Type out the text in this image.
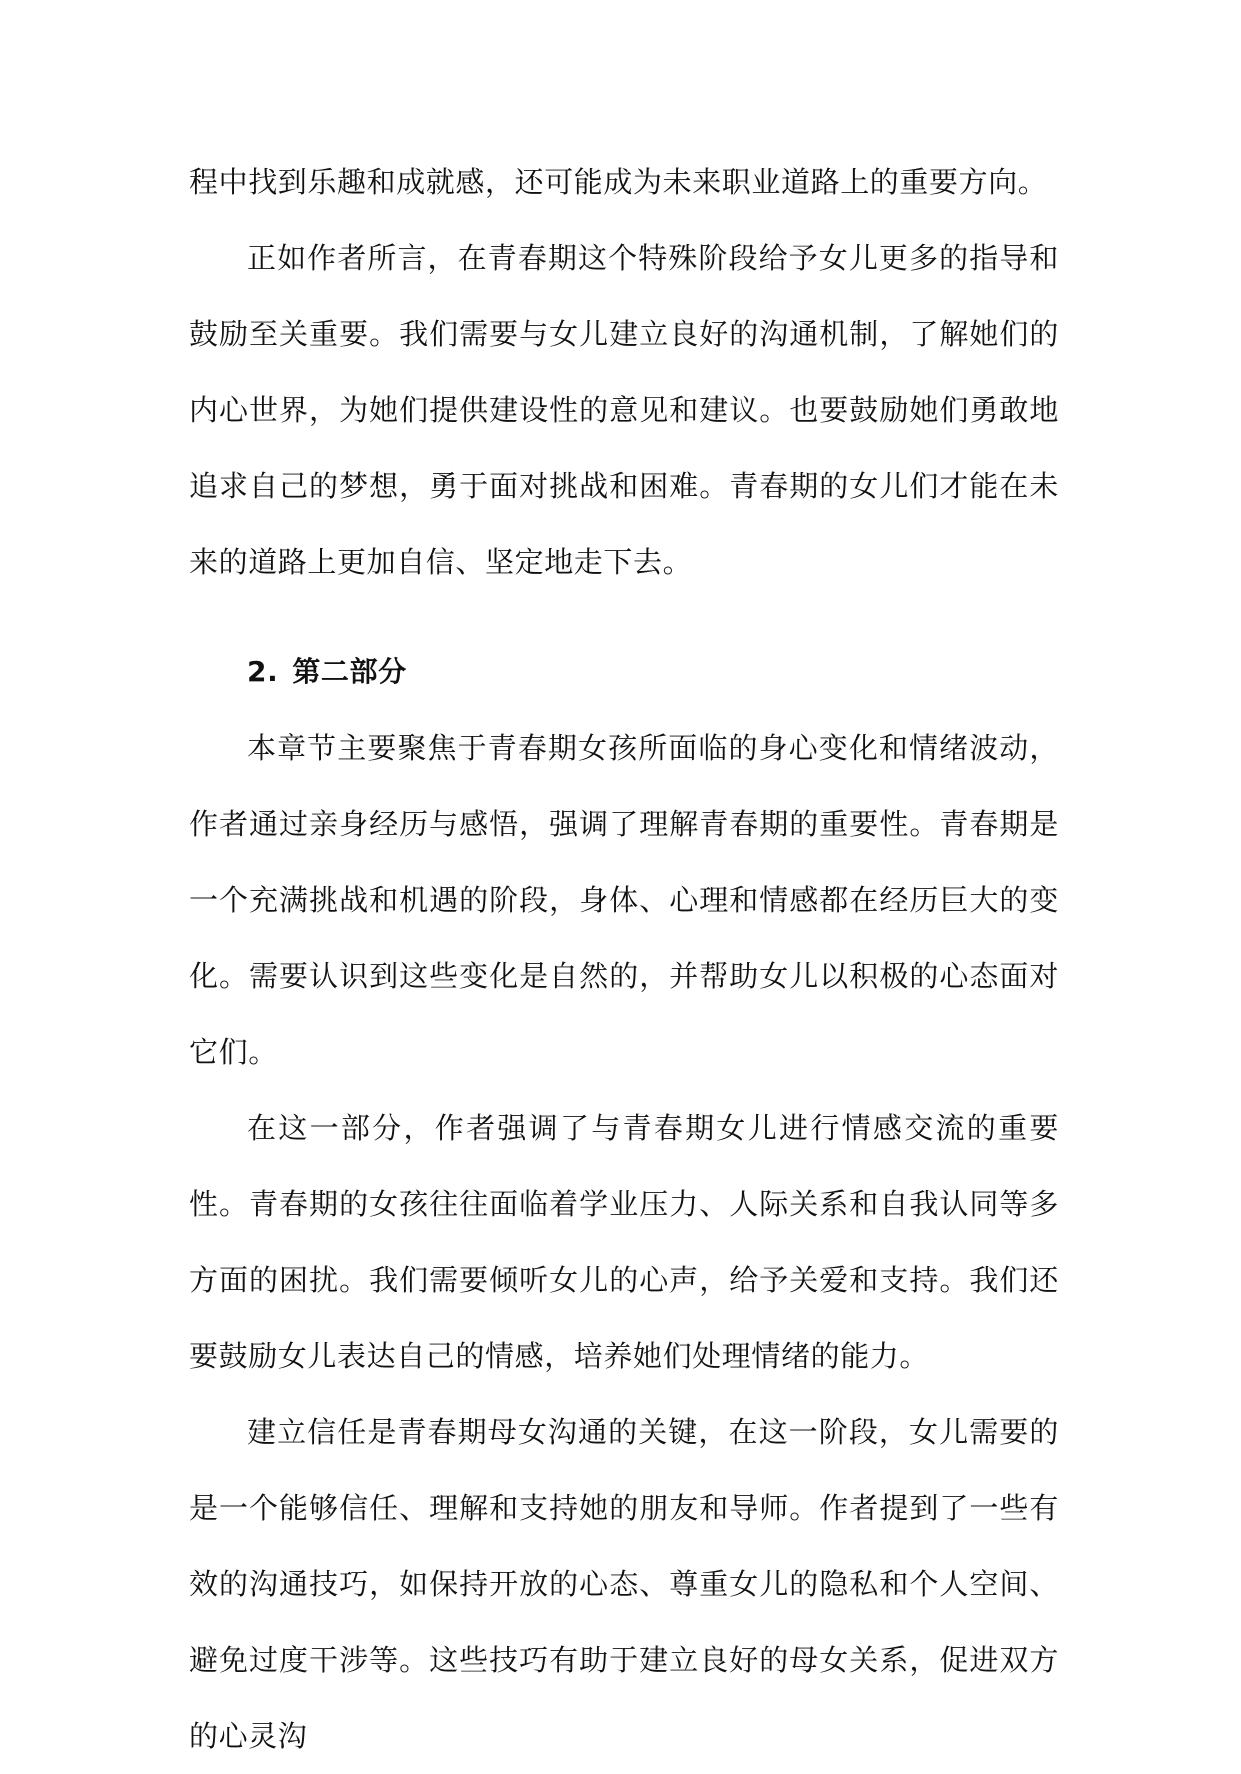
程中找到乐趣和成就感，还可能成为未来职业道路上的重要方向。

正如作者所言，在青春期这个特殊阶段给予女儿更多的指导和鼓励至关重要。我们需要与女儿建立良好的沟通机制，了解她们的内心世界，为她们提供建设性的意见和建议。也要鼓励她们勇敢地追求自己的梦想，勇于面对挑战和困难。青春期的女儿们才能在未来的道路上更加自信、坚定地走下去。

2. 第二部分

本章节主要聚焦于青春期女孩所面临的身心变化和情绪波动，作者通过亲身经历与感悟，强调了理解青春期的重要性。青春期是一个充满挑战和机遇的阶段，身体、心理和情感都在经历巨大的变化。需要认识到这些变化是自然的，并帮助女儿以积极的心态面对它们。

在这一部分，作者强调了与青春期女儿进行情感交流的重要性。青春期的女孩往往面临着学业压力、人际关系和自我认同等多方面的困扰。我们需要倾听女儿的心声，给予关爱和支持。我们还要鼓励女儿表达自己的情感，培养她们处理情绪的能力。

建立信任是青春期母女沟通的关键，在这一阶段，女儿需要的是一个能够信任、理解和支持她的朋友和导师。作者提到了一些有效的沟通技巧，如保持开放的心态、尊重女儿的隐私和个人空间、避免过度干涉等。这些技巧有助于建立良好的母女关系，促进双方的心灵沟
